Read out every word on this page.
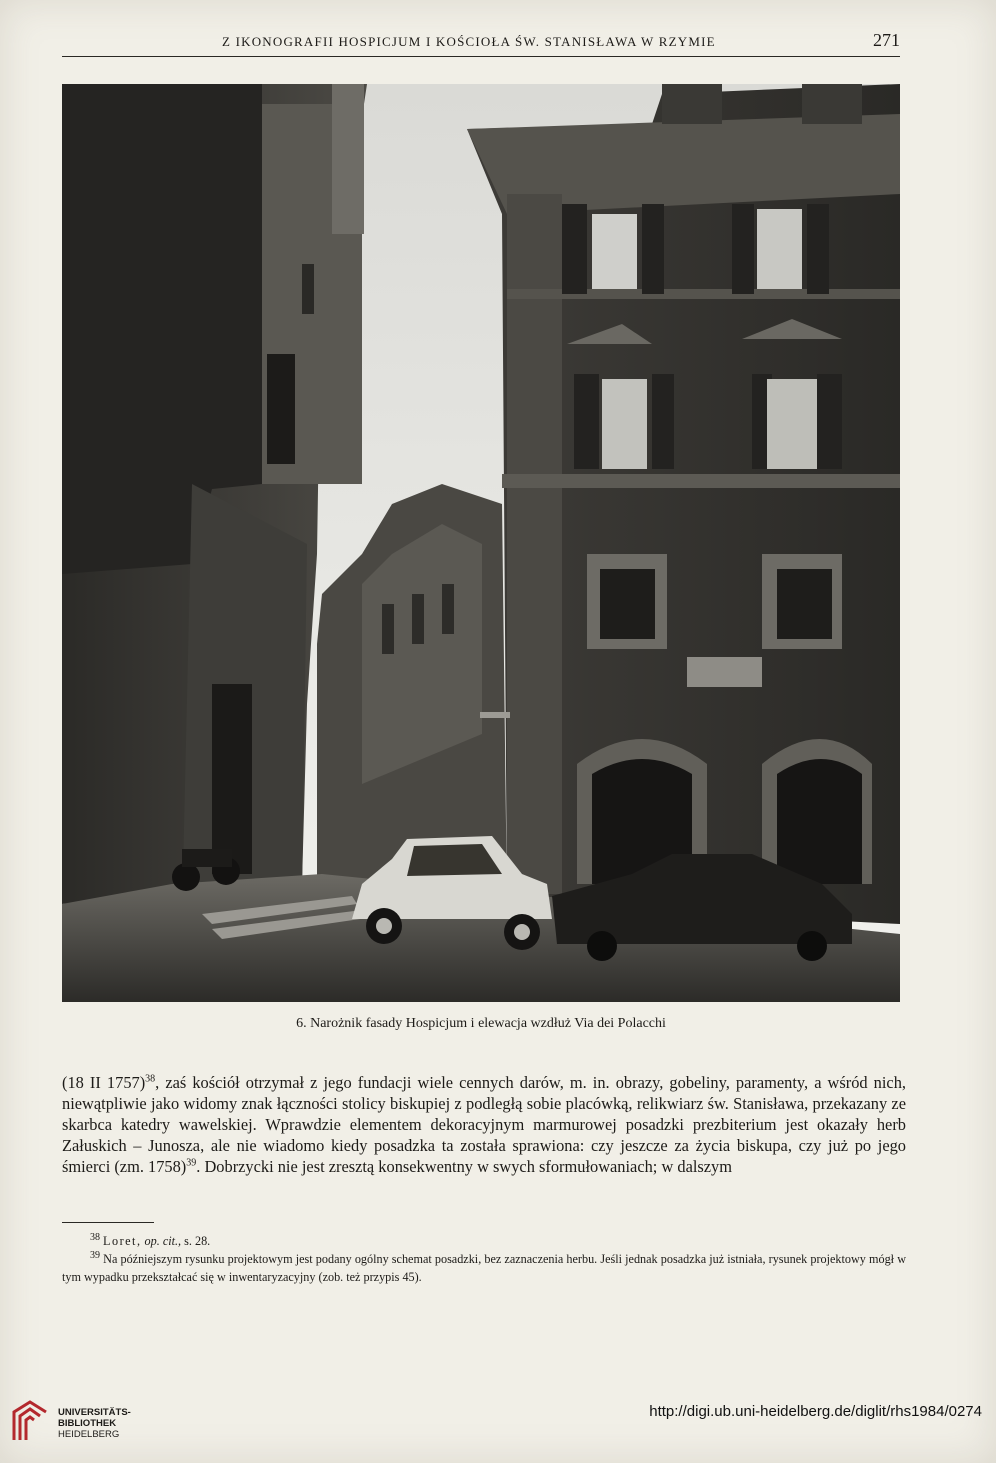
Z IKONOGRAFII HOSPICJUM I KOŚCIOŁA ŚW. STANISŁAWA W RZYMIE	271
6. Narożnik fasady Hospicjum i elewacja wzdłuż Via dei Polacchi

(18 II 1757)$^{38}$, zaś kościół otrzymał z jego fundacji wiele cennych darów, m. in. obrazy, gobeliny, paramenty, a wśród nich, niewątpliwie jako widomy znak łączności stolicy biskupiej z podległą sobie placówką, relikwiarz św. Stanisława, przekazany ze skarbca katedry wawelskiej. Wprawdzie elementem dekoracyjnym marmurowej posadzki prezbiterium jest okazały herb Załuskich – Junosza, ale nie wiadomo kiedy posadzka ta została sprawiona: czy jeszcze za życia biskupa, czy już po jego śmierci (zm. 1758)$^{39}$. Dobrzycki nie jest zresztą konsekwentny w swych sformułowaniach; w dalszym

$^{38}$ Loret, op. cit., s. 28.

$^{39}$ Na późniejszym rysunku projektowym jest podany ogólny schemat posadzki, bez zaznaczenia herbu. Jeśli jednak posadzka już istniała, rysunek projektowy mógł w tym wypadku przekształcać się w inwentaryzacyjny (zob. też przypis 45).

UNIVERSITÄTS-
BIBLIOTHEK
HEIDELBERG
http://digi.ub.uni-heidelberg.de/diglit/rhs1984/0274
